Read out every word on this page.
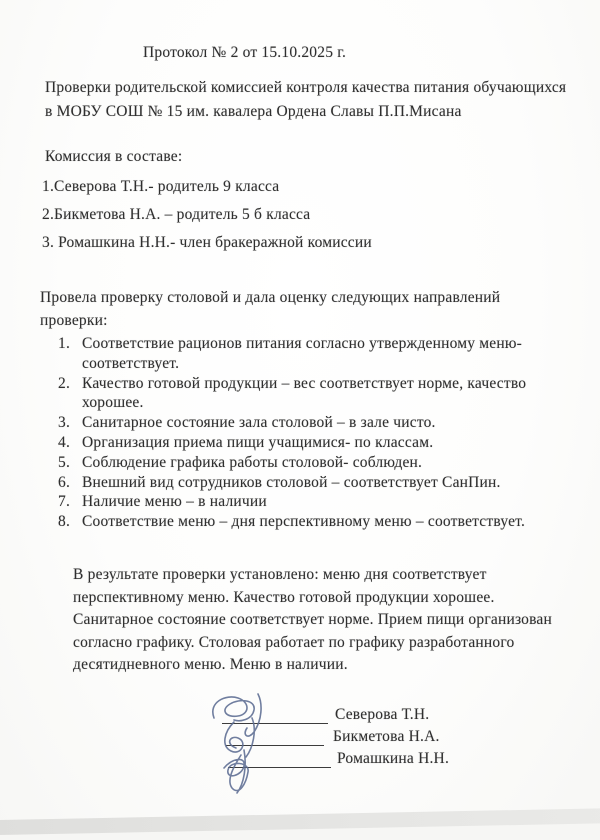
Протокол № 2 от 15.10.2025 г.
Проверки родительской комиссией контроля качества питания обучающихся
в МОБУ СОШ № 15 им. кавалера Ордена Славы П.П.Мисана
Комиссия в составе:
1.Северова Т.Н.- родитель 9 класса
2.Бикметова Н.А. – родитель 5 б класса
3. Ромашкина Н.Н.- член бракеражной комиссии
Провела проверку столовой и дала оценку следующих направлений
проверки:
1. Соответствие рационов питания согласно утвержденному меню- соответствует.
2. Качество готовой продукции – вес соответствует норме, качество хорошее.
3. Санитарное состояние зала столовой – в зале чисто.
4. Организация приема пищи учащимися- по классам.
5. Соблюдение графика работы столовой- соблюден.
6. Внешний вид сотрудников столовой – соответствует СанПин.
7. Наличие меню – в наличии
8. Соответствие меню – дня перспективному меню – соответствует.
В результате проверки установлено: меню дня соответствует
перспективному меню. Качество готовой продукции хорошее.
Санитарное состояние соответствует норме. Прием пищи организован
согласно графику. Столовая работает по графику разработанного
десятидневного меню. Меню в наличии.
Северова Т.Н.
Бикметова Н.А.
Ромашкина Н.Н.
